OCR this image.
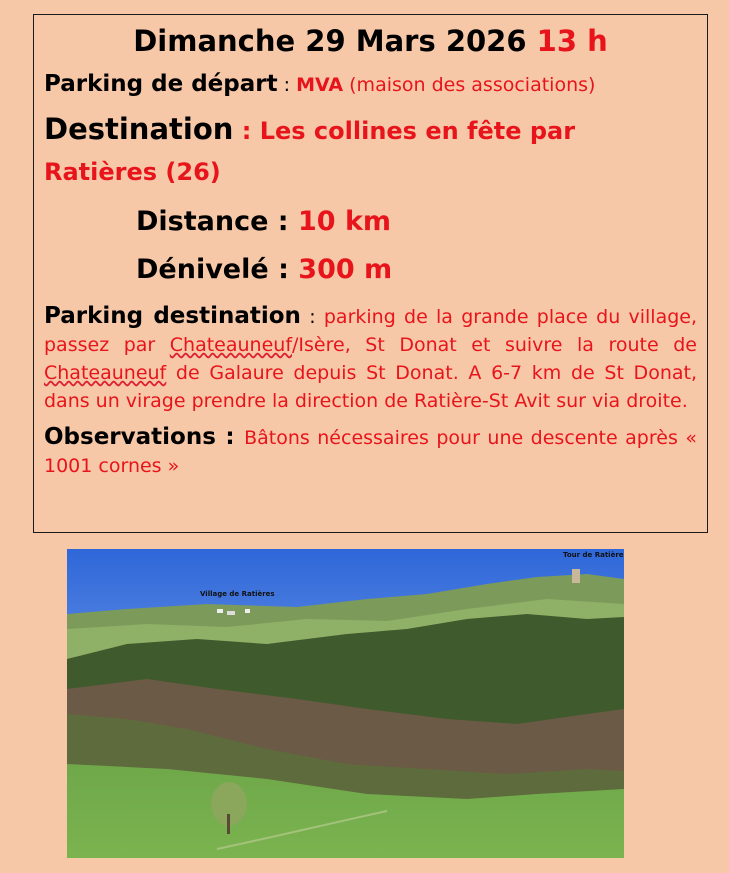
Dimanche 29 Mars 2026 13 h
Parking de départ : MVA (maison des associations)
Destination : Les collines en fête par
Ratières (26)
Distance : 10 km
Dénivelé : 300 m
Parking destination : parking de la grande place du village, passez par Chateauneuf/Isère, St Donat et suivre la route de Chateauneuf de Galaure depuis St Donat. A 6-7 km de St Donat, dans un virage prendre la direction de Ratière-St Avit sur via droite.
Observations : Bâtons nécessaires pour une descente après « 1001 cornes »
Village de Ratières
Tour de Ratière
